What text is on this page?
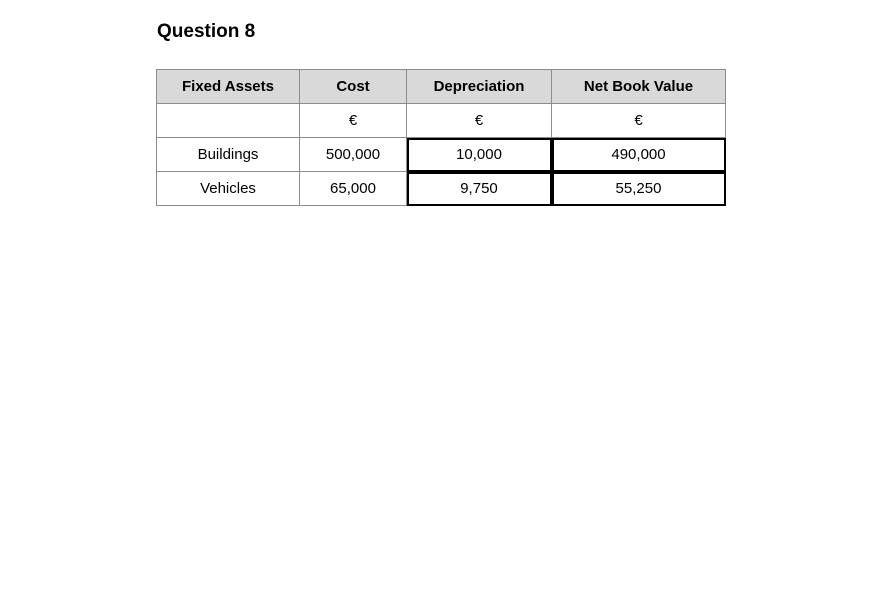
Question 8
Fixed Assets	Cost	Depreciation	Net Book Value
	€	€	€
Buildings	500,000	10,000	490,000
Vehicles	65,000	9,750	55,250
